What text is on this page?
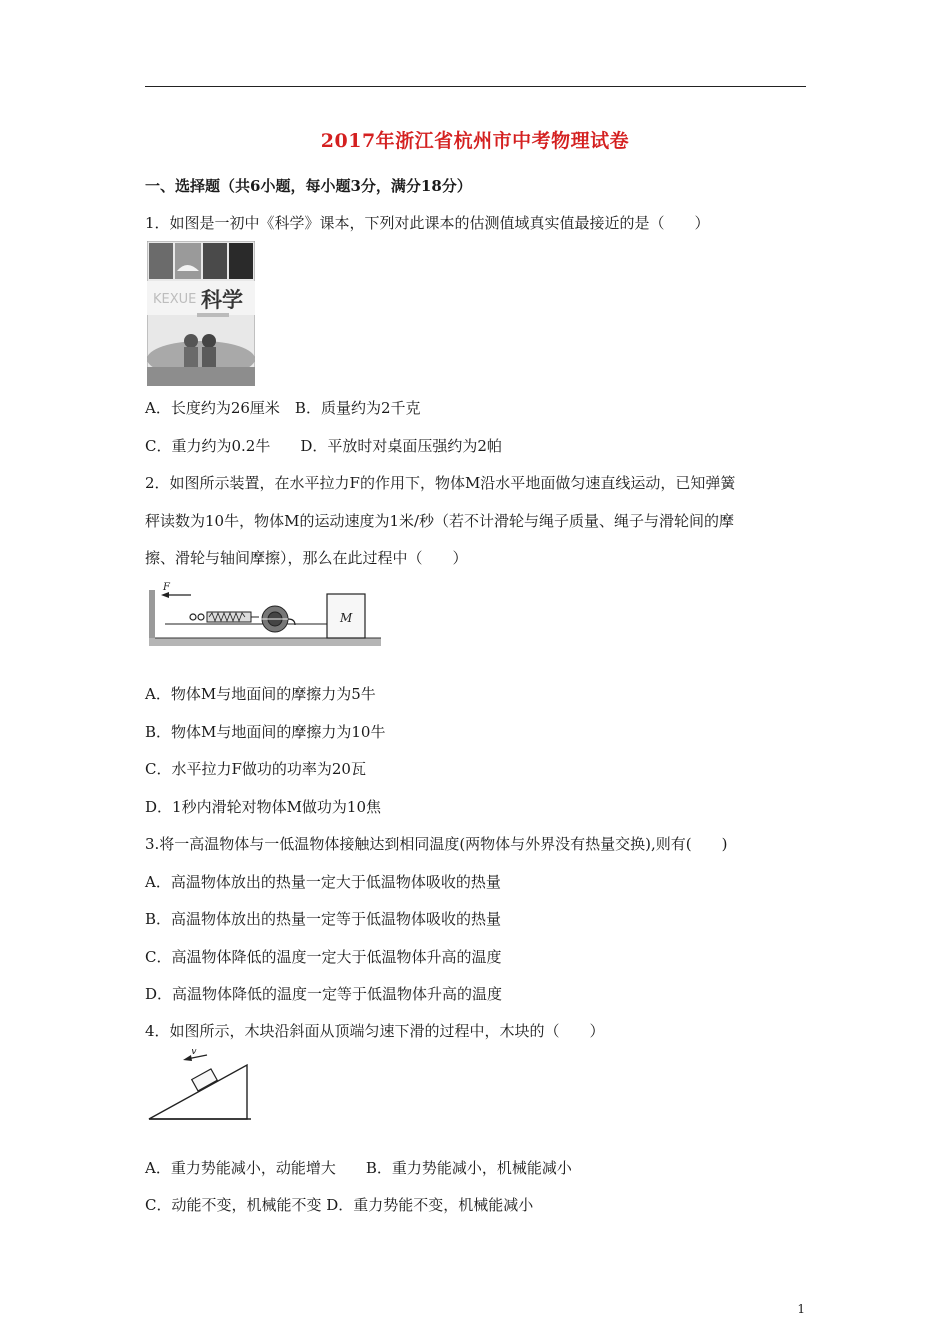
2017年浙江省杭州市中考物理试卷
一、选择题（共6小题，每小题3分，满分18分）
1．如图是一初中《科学》课本，下列对此课本的估测值域真实值最接近的是（　　）
KEXUE 科学
A．长度约为26厘米　B．质量约为2千克
C．重力约为0.2牛　　D．平放时对桌面压强约为2帕
2．如图所示装置，在水平拉力F的作用下，物体M沿水平地面做匀速直线运动，已知弹簧
秤读数为10牛，物体M的运动速度为1米/秒（若不计滑轮与绳子质量、绳子与滑轮间的摩
擦、滑轮与轴间摩擦），那么在此过程中（　　）
F
M
A．物体M与地面间的摩擦力为5牛
B．物体M与地面间的摩擦力为10牛
C．水平拉力F做功的功率为20瓦
D．1秒内滑轮对物体M做功为10焦
3.将一高温物体与一低温物体接触达到相同温度(两物体与外界没有热量交换),则有(　　)
A．高温物体放出的热量一定大于低温物体吸收的热量
B．高温物体放出的热量一定等于低温物体吸收的热量
C．高温物体降低的温度一定大于低温物体升高的温度
D．高温物体降低的温度一定等于低温物体升高的温度
4．如图所示，木块沿斜面从顶端匀速下滑的过程中，木块的（　　）
v
A．重力势能减小，动能增大　　B．重力势能减小，机械能减小
C．动能不变，机械能不变 D．重力势能不变，机械能减小
1
